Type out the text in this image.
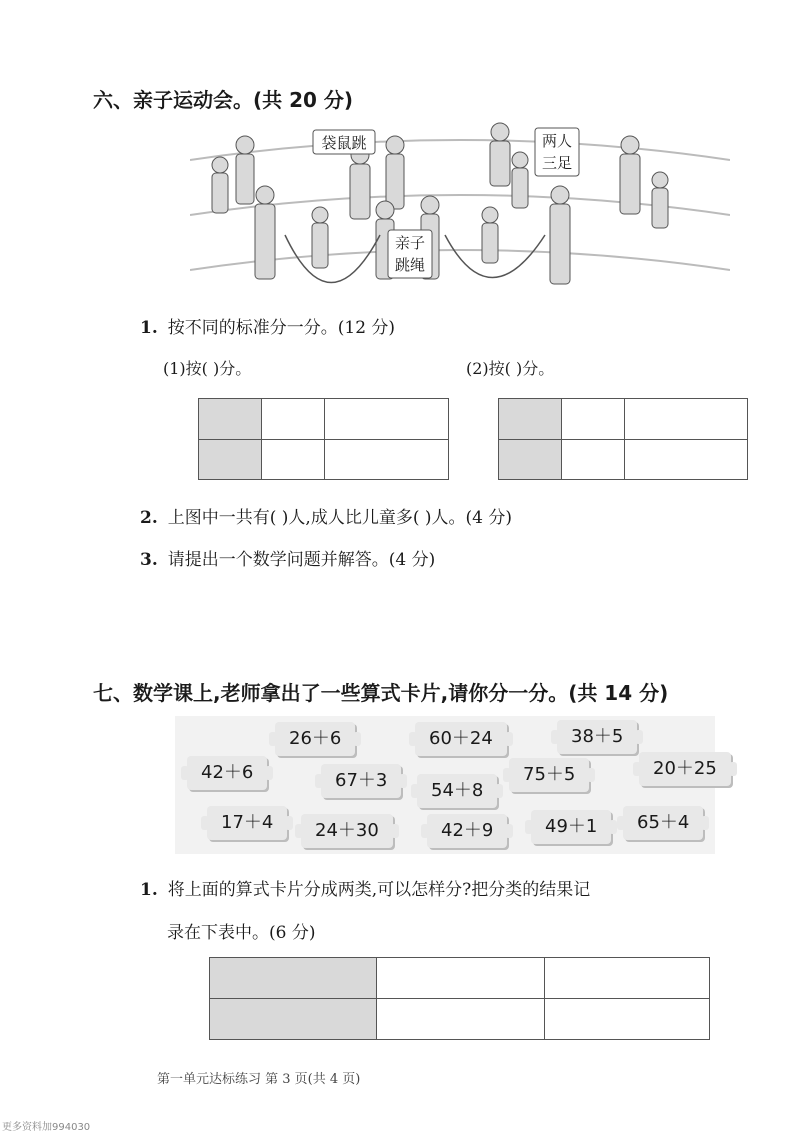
六、亲子运动会。(共 20 分)
袋鼠跳	两人三足
亲子跳绳
1. 按不同的标准分一分。(12 分)
(1)按( )分。	(2)按( )分。

2. 上图中一共有( )人,成人比儿童多( )人。(4 分)
3. 请提出一个数学问题并解答。(4 分)
七、数学课上,老师拿出了一些算式卡片,请你分一分。(共 14 分)
42＋6
26＋6
67＋3
60＋24
54＋8
38＋5
75＋5	20＋25
17＋4	24＋30	42＋9	49＋1	65＋4
1. 将上面的算式卡片分成两类,可以怎样分?把分类的结果记
录在下表中。(6 分)

第一单元达标练习 第 3 页(共 4 页)
更多资料加994030
